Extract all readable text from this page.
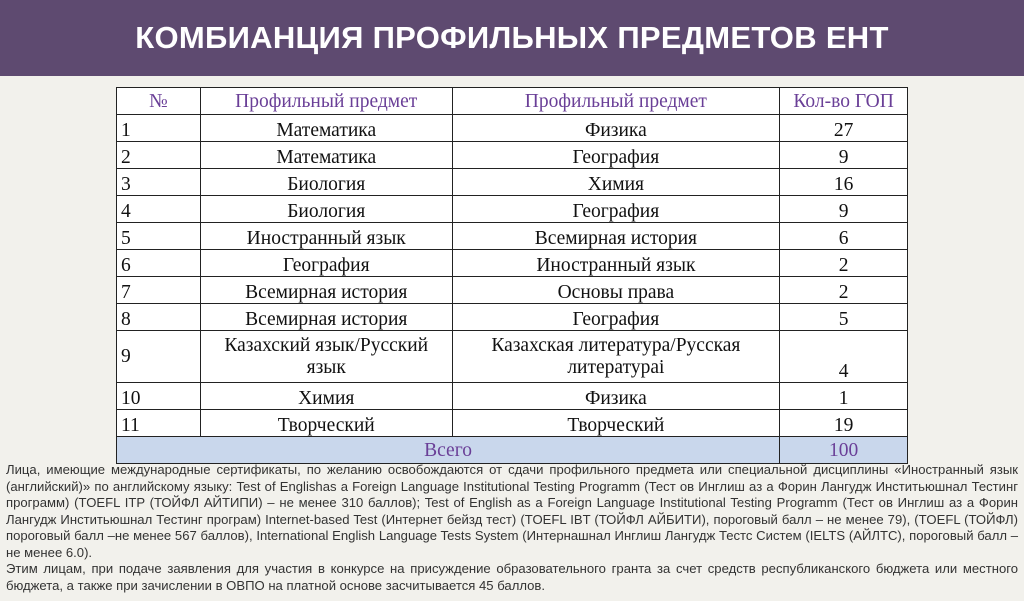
КОМБИАНЦИЯ ПРОФИЛЬНЫХ ПРЕДМЕТОВ ЕНТ
№	Профильный предмет	Профильный предмет	Кол-во ГОП
1	Математика	Физика	27
2	Математика	География	9
3	Биология	Химия	16
4	Биология	География	9
5	Иностранный язык	Всемирная история	6
6	География	Иностранный язык	2
7	Всемирная история	Основы права	2
8	Всемирная история	География	5
9	Казахский язык/Русский язык	Казахская литература/Русская литературaі	4
10	Химия	Физика	1
11	Творческий	Творческий	19
Всего			100

Лица, имеющие международные сертификаты, по желанию освобождаются от сдачи профильного предмета или специальной дисциплины «Иностранный язык (английский)» по английскому языку: Test of Englishas a Foreign Language Institutional Testing Programm (Тест ов Инглиш аз а Форин Лангудж Инститьюшнал Тестинг программ) (TOEFL ITP (ТОЙФЛ АЙТИПИ) – не менее 310 баллов); Test of English as a Foreign Language Institutional Testing Programm (Тест ов Инглиш аз а Форин Лангудж Инститьюшнал Тестинг програм) Internet-based Test (Интернет бейзд тест) (TOEFL IBT (ТОЙФЛ АЙБИТИ), пороговый балл – не менее 79), (TOEFL (ТОЙФЛ) пороговый балл –не менее 567 баллов), International English Language Tests System (Интернашнал Инглиш Лангудж Тестс Систем (IELTS (АЙЛТС), пороговый балл – не менее 6.0).

Этим лицам, при подаче заявления для участия в конкурсе на присуждение образовательного гранта за счет средств республиканского бюджета или местного бюджета, а также при зачислении в ОВПО на платной основе засчитывается 45 баллов.
